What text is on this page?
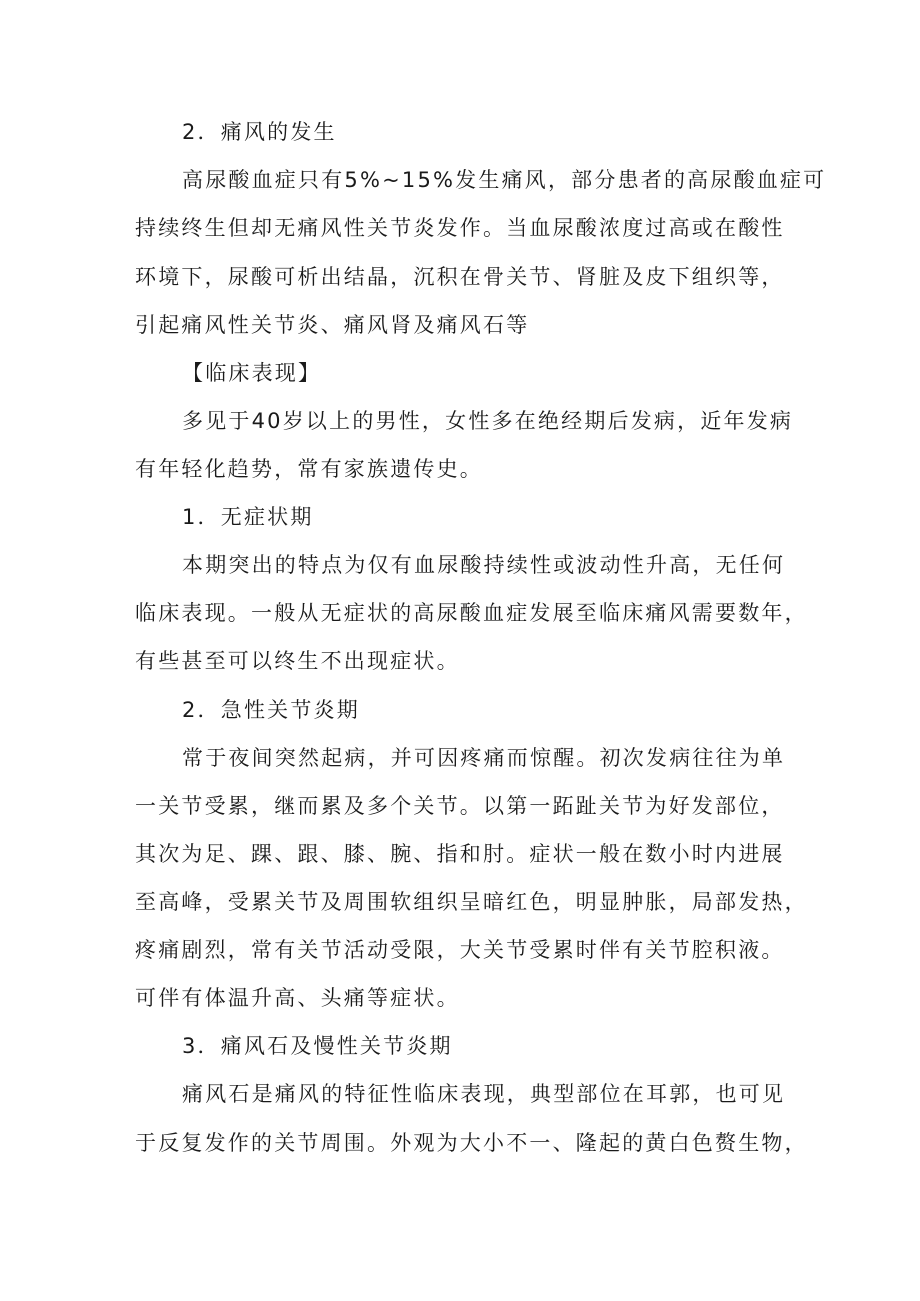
2．痛风的发生

高尿酸血症只有5%~15%发生痛风，部分患者的高尿酸血症可

持续终生但却无痛风性关节炎发作。当血尿酸浓度过高或在酸性

环境下，尿酸可析出结晶，沉积在骨关节、肾脏及皮下组织等，

引起痛风性关节炎、痛风肾及痛风石等

【临床表现】

多见于40岁以上的男性，女性多在绝经期后发病，近年发病

有年轻化趋势，常有家族遗传史。

1．无症状期

本期突出的特点为仅有血尿酸持续性或波动性升高，无任何

临床表现。一般从无症状的高尿酸血症发展至临床痛风需要数年，

有些甚至可以终生不出现症状。

2．急性关节炎期

常于夜间突然起病，并可因疼痛而惊醒。初次发病往往为单

一关节受累，继而累及多个关节。以第一跖趾关节为好发部位，

其次为足、踝、跟、膝、腕、指和肘。症状一般在数小时内进展

至高峰，受累关节及周围软组织呈暗红色，明显肿胀，局部发热，

疼痛剧烈，常有关节活动受限，大关节受累时伴有关节腔积液。

可伴有体温升高、头痛等症状。

3．痛风石及慢性关节炎期

痛风石是痛风的特征性临床表现，典型部位在耳郭，也可见

于反复发作的关节周围。外观为大小不一、隆起的黄白色赘生物，
